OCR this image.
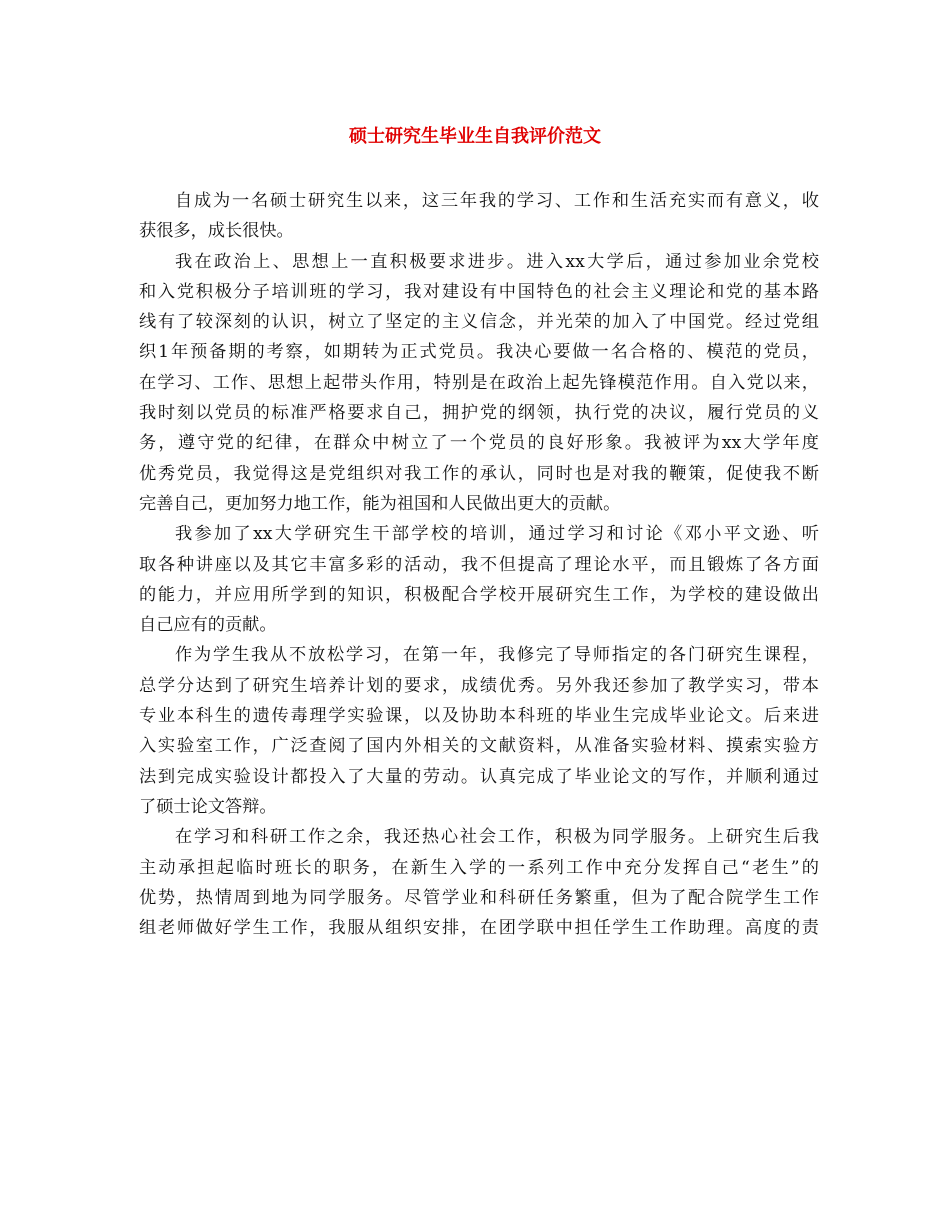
硕士研究生毕业生自我评价范文
自成为一名硕士研究生以来，这三年我的学习、工作和生活充实而有意义，收
获很多，成长很快。
我在政治上、思想上一直积极要求进步。进入xx大学后，通过参加业余党校
和入党积极分子培训班的学习，我对建设有中国特色的社会主义理论和党的基本路
线有了较深刻的认识，树立了坚定的主义信念，并光荣的加入了中国党。经过党组
织1年预备期的考察，如期转为正式党员。我决心要做一名合格的、模范的党员，
在学习、工作、思想上起带头作用，特别是在政治上起先锋模范作用。自入党以来，
我时刻以党员的标准严格要求自己，拥护党的纲领，执行党的决议，履行党员的义
务，遵守党的纪律，在群众中树立了一个党员的良好形象。我被评为xx大学年度
优秀党员，我觉得这是党组织对我工作的承认，同时也是对我的鞭策，促使我不断
完善自己，更加努力地工作，能为祖国和人民做出更大的贡献。
我参加了xx大学研究生干部学校的培训，通过学习和讨论《邓小平文逊、听
取各种讲座以及其它丰富多彩的活动，我不但提高了理论水平，而且锻炼了各方面
的能力，并应用所学到的知识，积极配合学校开展研究生工作，为学校的建设做出
自己应有的贡献。
作为学生我从不放松学习，在第一年，我修完了导师指定的各门研究生课程，
总学分达到了研究生培养计划的要求，成绩优秀。另外我还参加了教学实习，带本
专业本科生的遗传毒理学实验课，以及协助本科班的毕业生完成毕业论文。后来进
入实验室工作，广泛查阅了国内外相关的文献资料，从准备实验材料、摸索实验方
法到完成实验设计都投入了大量的劳动。认真完成了毕业论文的写作，并顺利通过
了硕士论文答辩。
在学习和科研工作之余，我还热心社会工作，积极为同学服务。上研究生后我
主动承担起临时班长的职务，在新生入学的一系列工作中充分发挥自己“老生”的
优势，热情周到地为同学服务。尽管学业和科研任务繁重，但为了配合院学生工作
组老师做好学生工作，我服从组织安排，在团学联中担任学生工作助理。高度的责
